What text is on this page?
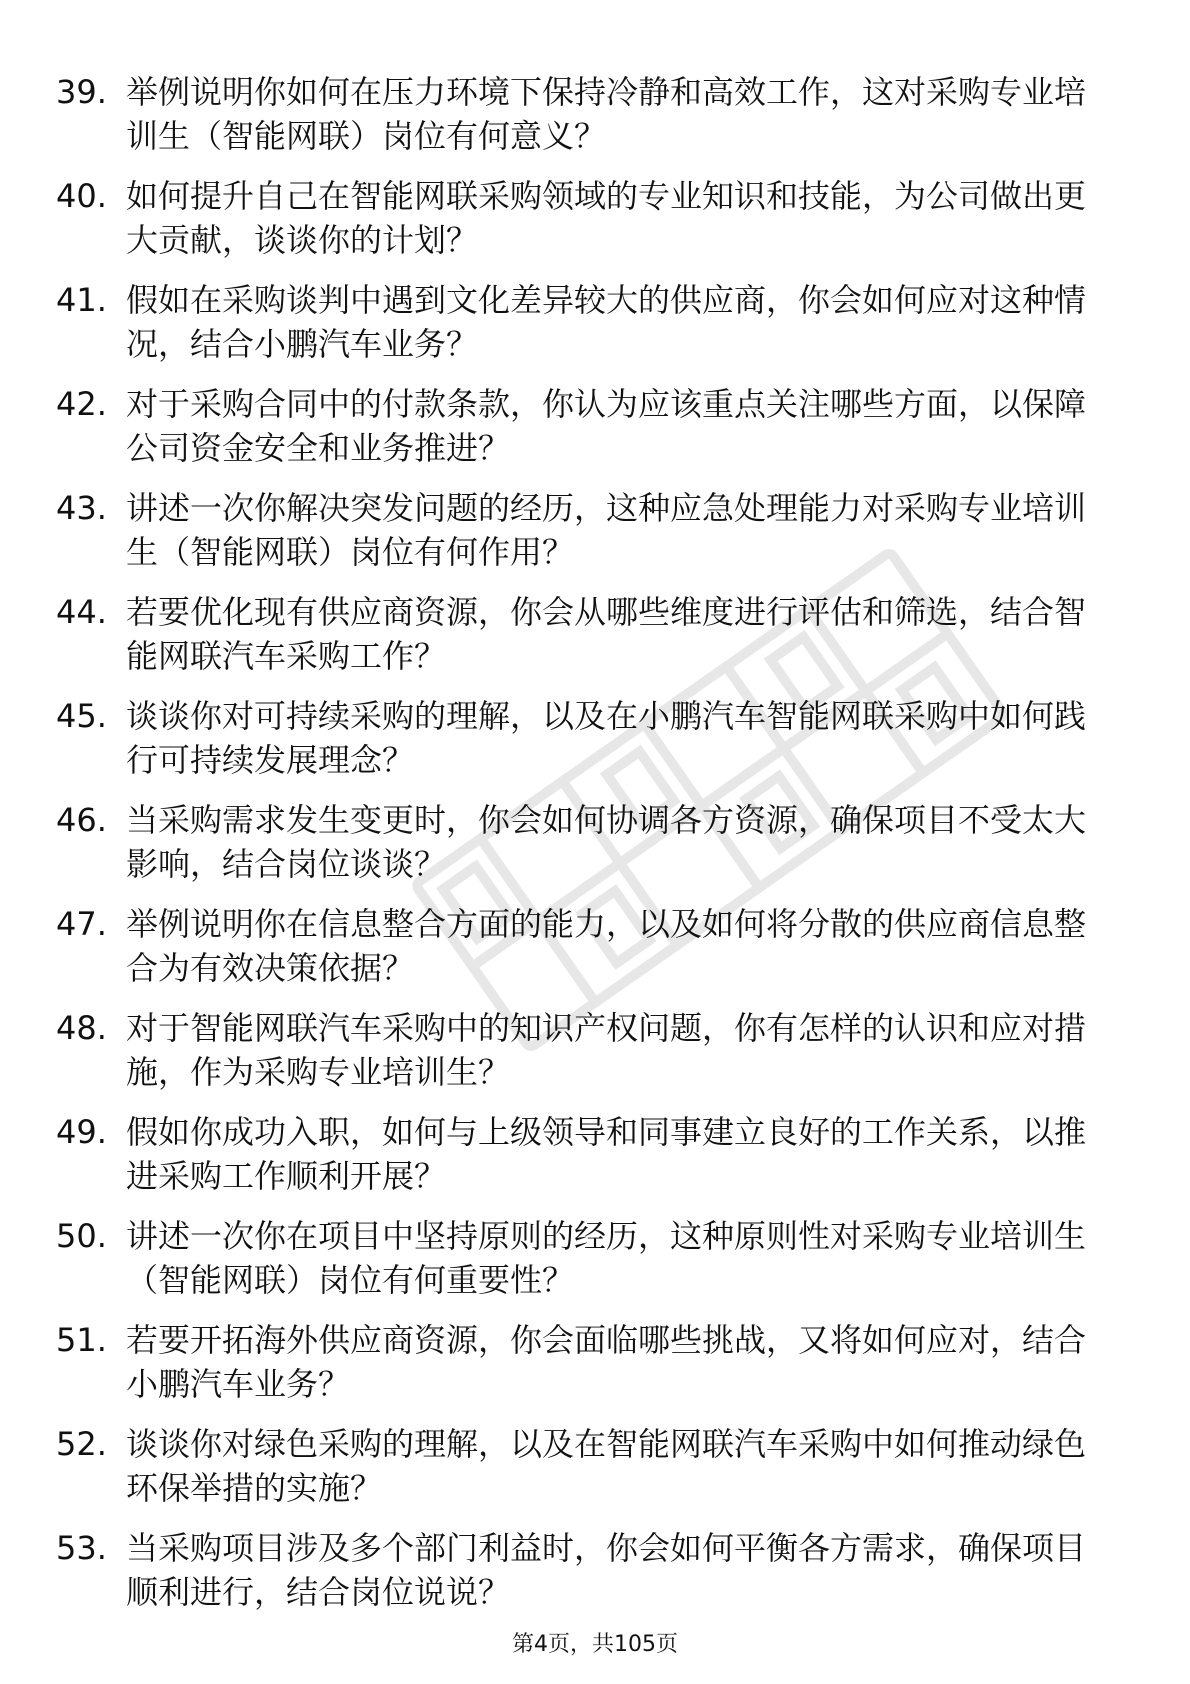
39. 举例说明你如何在压力环境下保持冷静和高效工作，这对采购专业培训生（智能网联）岗位有何意义？
40. 如何提升自己在智能网联采购领域的专业知识和技能，为公司做出更大贡献，谈谈你的计划？
41. 假如在采购谈判中遇到文化差异较大的供应商，你会如何应对这种情况，结合小鹏汽车业务？
42. 对于采购合同中的付款条款，你认为应该重点关注哪些方面，以保障公司资金安全和业务推进？
43. 讲述一次你解决突发问题的经历，这种应急处理能力对采购专业培训生（智能网联）岗位有何作用？
44. 若要优化现有供应商资源，你会从哪些维度进行评估和筛选，结合智能网联汽车采购工作？
45. 谈谈你对可持续采购的理解，以及在小鹏汽车智能网联采购中如何践行可持续发展理念？
46. 当采购需求发生变更时，你会如何协调各方资源，确保项目不受太大影响，结合岗位谈谈？
47. 举例说明你在信息整合方面的能力，以及如何将分散的供应商信息整合为有效决策依据？
48. 对于智能网联汽车采购中的知识产权问题，你有怎样的认识和应对措施，作为采购专业培训生？
49. 假如你成功入职，如何与上级领导和同事建立良好的工作关系，以推进采购工作顺利开展？
50. 讲述一次你在项目中坚持原则的经历，这种原则性对采购专业培训生（智能网联）岗位有何重要性？
51. 若要开拓海外供应商资源，你会面临哪些挑战，又将如何应对，结合小鹏汽车业务？
52. 谈谈你对绿色采购的理解，以及在智能网联汽车采购中如何推动绿色环保举措的实施？
53. 当采购项目涉及多个部门利益时，你会如何平衡各方需求，确保项目顺利进行，结合岗位说说？
第4页，共105页
